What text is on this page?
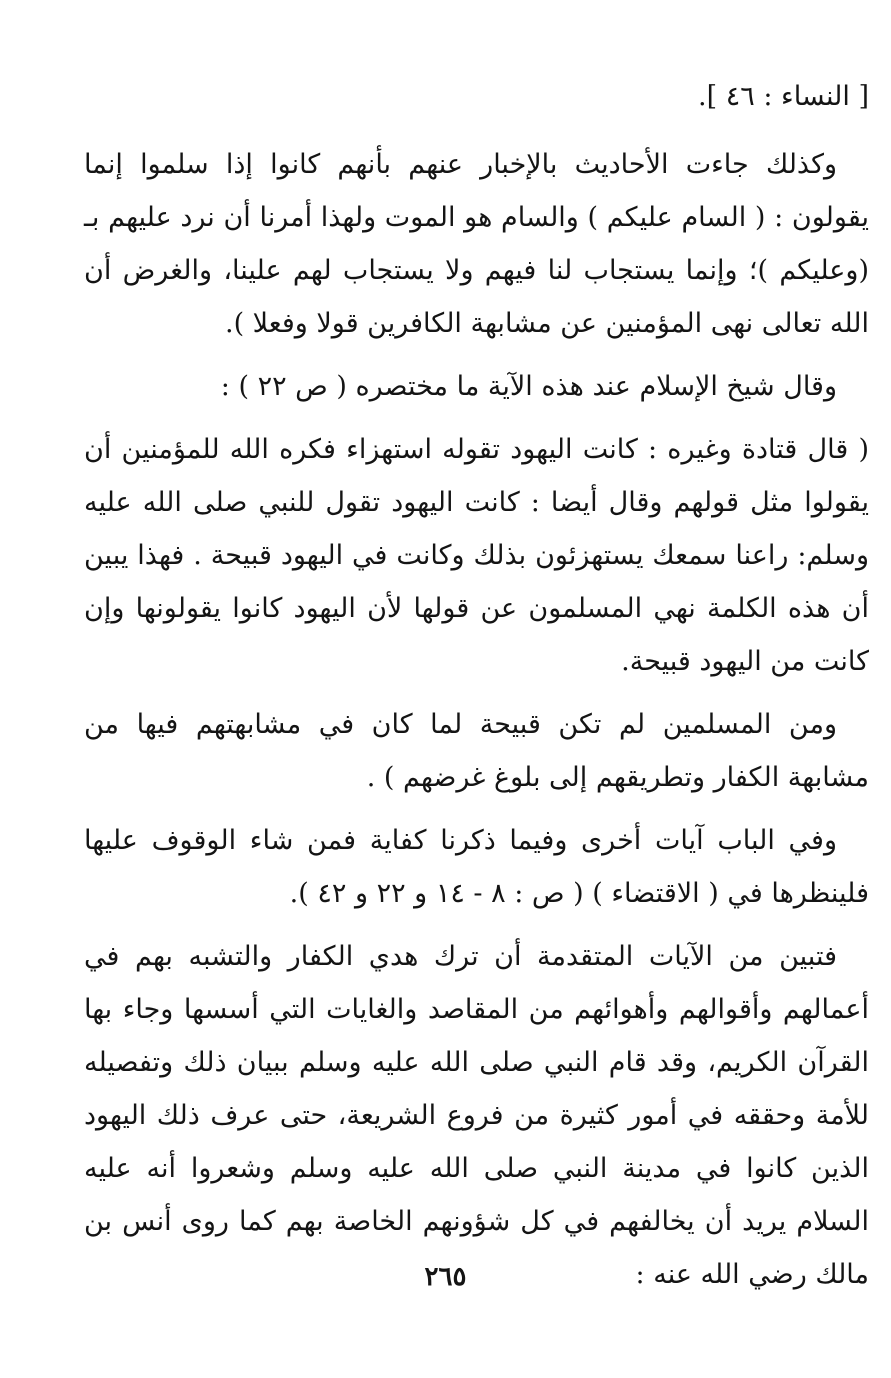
[ النساء : ٤٦ ].

وكذلك جاءت الأحاديث بالإخبار عنهم بأنهم كانوا إذا سلموا إنما يقولون : ( السام عليكم ) والسام هو الموت ولهذا أمرنا أن نرد عليهم بـ (وعليكم )؛ وإنما يستجاب لنا فيهم ولا يستجاب لهم علينا، والغرض أن الله تعالى نهى المؤمنين عن مشابهة الكافرين قولا وفعلا ).

وقال شيخ الإسلام عند هذه الآية ما مختصره ( ص ٢٢ ) :

( قال قتادة وغيره : كانت اليهود تقوله استهزاء فكره الله للمؤمنين أن يقولوا مثل قولهم وقال أيضا : كانت اليهود تقول للنبي صلى الله عليه وسلم: راعنا سمعك يستهزئون بذلك وكانت في اليهود قبيحة . فهذا يبين أن هذه الكلمة نهي المسلمون عن قولها لأن اليهود كانوا يقولونها وإن كانت من اليهود قبيحة.

ومن المسلمين لم تكن قبيحة لما كان في مشابهتهم فيها من مشابهة الكفار وتطريقهم إلى بلوغ غرضهم ) .

وفي الباب آيات أخرى وفيما ذكرنا كفاية فمن شاء الوقوف عليها فلينظرها في ( الاقتضاء ) ( ص : ٨ - ١٤ و ٢٢ و ٤٢ ).

فتبين من الآيات المتقدمة أن ترك هدي الكفار والتشبه بهم في أعمالهم وأقوالهم وأهوائهم من المقاصد والغايات التي أسسها وجاء بها القرآن الكريم، وقد قام النبي صلى الله عليه وسلم ببيان ذلك وتفصيله للأمة وحققه في أمور كثيرة من فروع الشريعة، حتى عرف ذلك اليهود الذين كانوا في مدينة النبي صلى الله عليه وسلم وشعروا أنه عليه السلام يريد أن يخالفهم في كل شؤونهم الخاصة بهم كما روى أنس بن مالك رضي الله عنه :

٢٦٥
